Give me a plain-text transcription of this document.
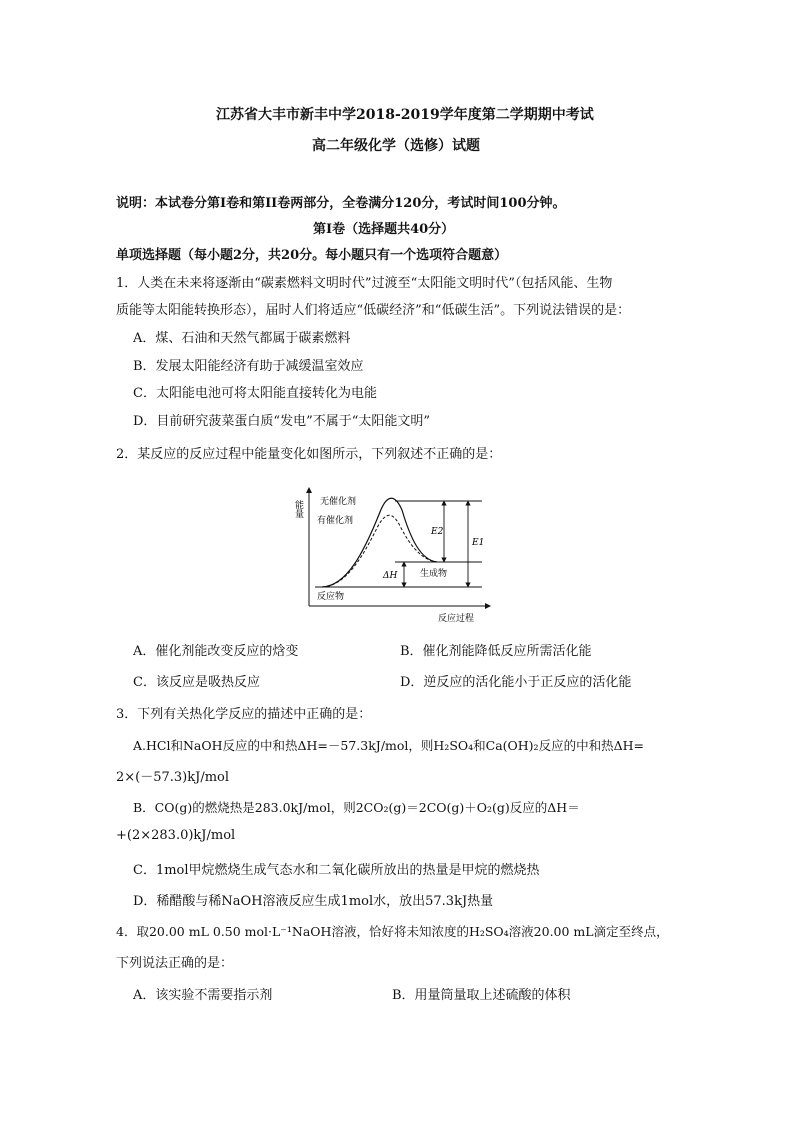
江苏省大丰市新丰中学2018-2019学年度第二学期期中考试
高二年级化学（选修）试题
说明：本试卷分第Ⅰ卷和第II卷两部分，全卷满分120分，考试时间100分钟。
第Ⅰ卷（选择题共40分）
单项选择题（每小题2分，共20分。每小题只有一个选项符合题意）
1．人类在未来将逐渐由“碳素燃料文明时代”过渡至“太阳能文明时代”（包括风能、生物
质能等太阳能转换形态），届时人们将适应“低碳经济”和“低碳生活”。下列说法错误的是：
A．煤、石油和天然气都属于碳素燃料
B．发展太阳能经济有助于减缓温室效应
C．太阳能电池可将太阳能直接转化为电能
D．目前研究菠菜蛋白质“发电”不属于“太阳能文明”
2．某反应的反应过程中能量变化如图所示，下列叙述不正确的是：
能量
反应过程
无催化剂
有催化剂
E2
E1
ΔH	生成物
反应物
A．催化剂能改变反应的焓变	B．催化剂能降低反应所需活化能
C．该反应是吸热反应	D．逆反应的活化能小于正反应的活化能
3．下列有关热化学反应的描述中正确的是：
A.HCl和NaOH反应的中和热ΔH=－57.3kJ/mol，则H₂SO₄和Ca(OH)₂反应的中和热ΔH=
2×(－57.3)kJ/mol
B．CO(g)的燃烧热是283.0kJ/mol，则2CO₂(g)＝2CO(g)＋O₂(g)反应的ΔH＝
+(2×283.0)kJ/mol
C．1mol甲烷燃烧生成气态水和二氧化碳所放出的热量是甲烷的燃烧热
D．稀醋酸与稀NaOH溶液反应生成1mol水，放出57.3kJ热量
4．取20.00 mL 0.50 mol·L⁻¹NaOH溶液，恰好将未知浓度的H₂SO₄溶液20.00 mL滴定至终点，
下列说法正确的是：
A．该实验不需要指示剂	B．用量筒量取上述硫酸的体积
